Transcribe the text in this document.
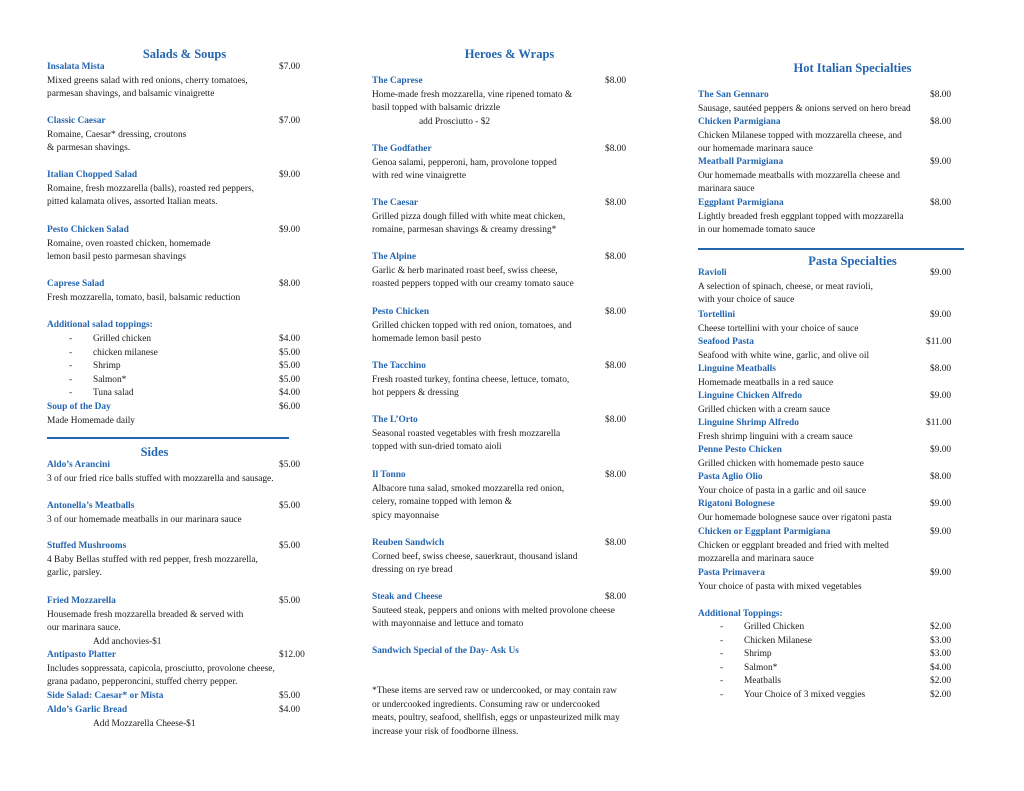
Salads & Soups
Insalata Mista	$7.00
Mixed greens salad with red onions, cherry tomatoes,
parmesan shavings, and balsamic vinaigrette
Classic Caesar	$7.00
Romaine, Caesar* dressing, croutons
& parmesan shavings.
Italian Chopped Salad	$9.00
Romaine, fresh mozzarella (balls), roasted red peppers,
pitted kalamata olives, assorted Italian meats.
Pesto Chicken Salad	$9.00
Romaine, oven roasted chicken, homemade
lemon basil pesto parmesan shavings
Caprese Salad	$8.00
Fresh mozzarella, tomato, basil, balsamic reduction
Additional salad toppings:
- Grilled chicken	$4.00
- chicken milanese	$5.00
- Shrimp	$5.00
- Salmon*	$5.00
- Tuna salad	$4.00
Soup of the Day	$6.00
Made Homemade daily
Sides
Aldo’s Arancini	$5.00
3 of our fried rice balls stuffed with mozzarella and sausage.
Antonella’s Meatballs	$5.00
3 of our homemade meatballs in our marinara sauce
Stuffed Mushrooms	$5.00
4 Baby Bellas stuffed with red pepper, fresh mozzarella,
garlic, parsley.
Fried Mozzarella	$5.00
Housemade fresh mozzarella breaded & served with
our marinara sauce.
Add anchovies-$1
Antipasto Platter	$12.00
Includes soppressata, capicola, prosciutto, provolone cheese,
grana padano, pepperoncini, stuffed cherry pepper.
Side Salad: Caesar* or Mista	$5.00
Aldo’s Garlic Bread	$4.00
Add Mozzarella Cheese-$1
Heroes & Wraps
The Caprese	$8.00
Home-made fresh mozzarella, vine ripened tomato &
basil topped with balsamic drizzle
The Godfather	$8.00
Genoa salami, pepperoni, ham, provolone topped
with red wine vinaigrette
The Caesar	$8.00
Grilled pizza dough filled with white meat chicken,
romaine, parmesan shavings & creamy dressing*
The Alpine	$8.00
Garlic & herb marinated roast beef, swiss cheese,
roasted peppers topped with our creamy tomato sauce
Pesto Chicken	$8.00
Grilled chicken topped with red onion, tomatoes, and
homemade lemon basil pesto
The Tacchino	$8.00
Fresh roasted turkey, fontina cheese, lettuce, tomato,
hot peppers & dressing
The L’Orto	$8.00
Seasonal roasted vegetables with fresh mozzarella
topped with sun-dried tomato aioli
Il Tonno	$8.00
Albacore tuna salad, smoked mozzarella red onion,
celery, romaine topped with lemon &
spicy mayonnaise
Reuben Sandwich	$8.00
Corned beef, swiss cheese, sauerkraut, thousand island
dressing on rye bread
Steak and Cheese	$8.00
Sauteed steak, peppers and onions with melted provolone cheese
with mayonnaise and lettuce and tomato
add Prosciutto - $2
Sandwich Special of the Day- Ask Us
*These items are served raw or undercooked, or may contain raw
or undercooked ingredients. Consuming raw or undercooked
meats, poultry, seafood, shellfish, eggs or unpasteurized milk may
increase your risk of foodborne illness.
Hot Italian Specialties
The San Gennaro	$8.00
Sausage, sautéed peppers & onions served on hero bread
Chicken Parmigiana	$8.00
Chicken Milanese topped with mozzarella cheese, and
our homemade marinara sauce
Meatball Parmigiana	$9.00
Our homemade meatballs with mozzarella cheese and
marinara sauce
Eggplant Parmigiana	$8.00
Lightly breaded fresh eggplant topped with mozzarella
in our homemade tomato sauce
Pasta Specialties
Ravioli	$9.00
A selection of spinach, cheese, or meat ravioli,
with your choice of sauce
Tortellini	$9.00
Cheese tortellini with your choice of sauce
Seafood Pasta	$11.00
Seafood with white wine, garlic, and olive oil
Linguine Meatballs	$8.00
Homemade meatballs in a red sauce
Linguine Chicken Alfredo	$9.00
Grilled chicken with a cream sauce
Linguine Shrimp Alfredo	$11.00
Fresh shrimp linguini with a cream sauce
Penne Pesto Chicken	$9.00
Grilled chicken with homemade pesto sauce
Pasta Aglio Olio	$8.00
Your choice of pasta in a garlic and oil sauce
Rigatoni Bolognese	$9.00
Our homemade bolognese sauce over rigatoni pasta
Chicken or Eggplant Parmigiana	$9.00
Chicken or eggplant breaded and fried with melted
mozzarella and marinara sauce
Pasta Primavera	$9.00
Your choice of pasta with mixed vegetables
Additional Toppings:
- Grilled Chicken	$2.00
- Chicken Milanese	$3.00
- Shrimp	$3.00
- Salmon*	$4.00
- Meatballs	$2.00
- Your Choice of 3 mixed veggies	$2.00
